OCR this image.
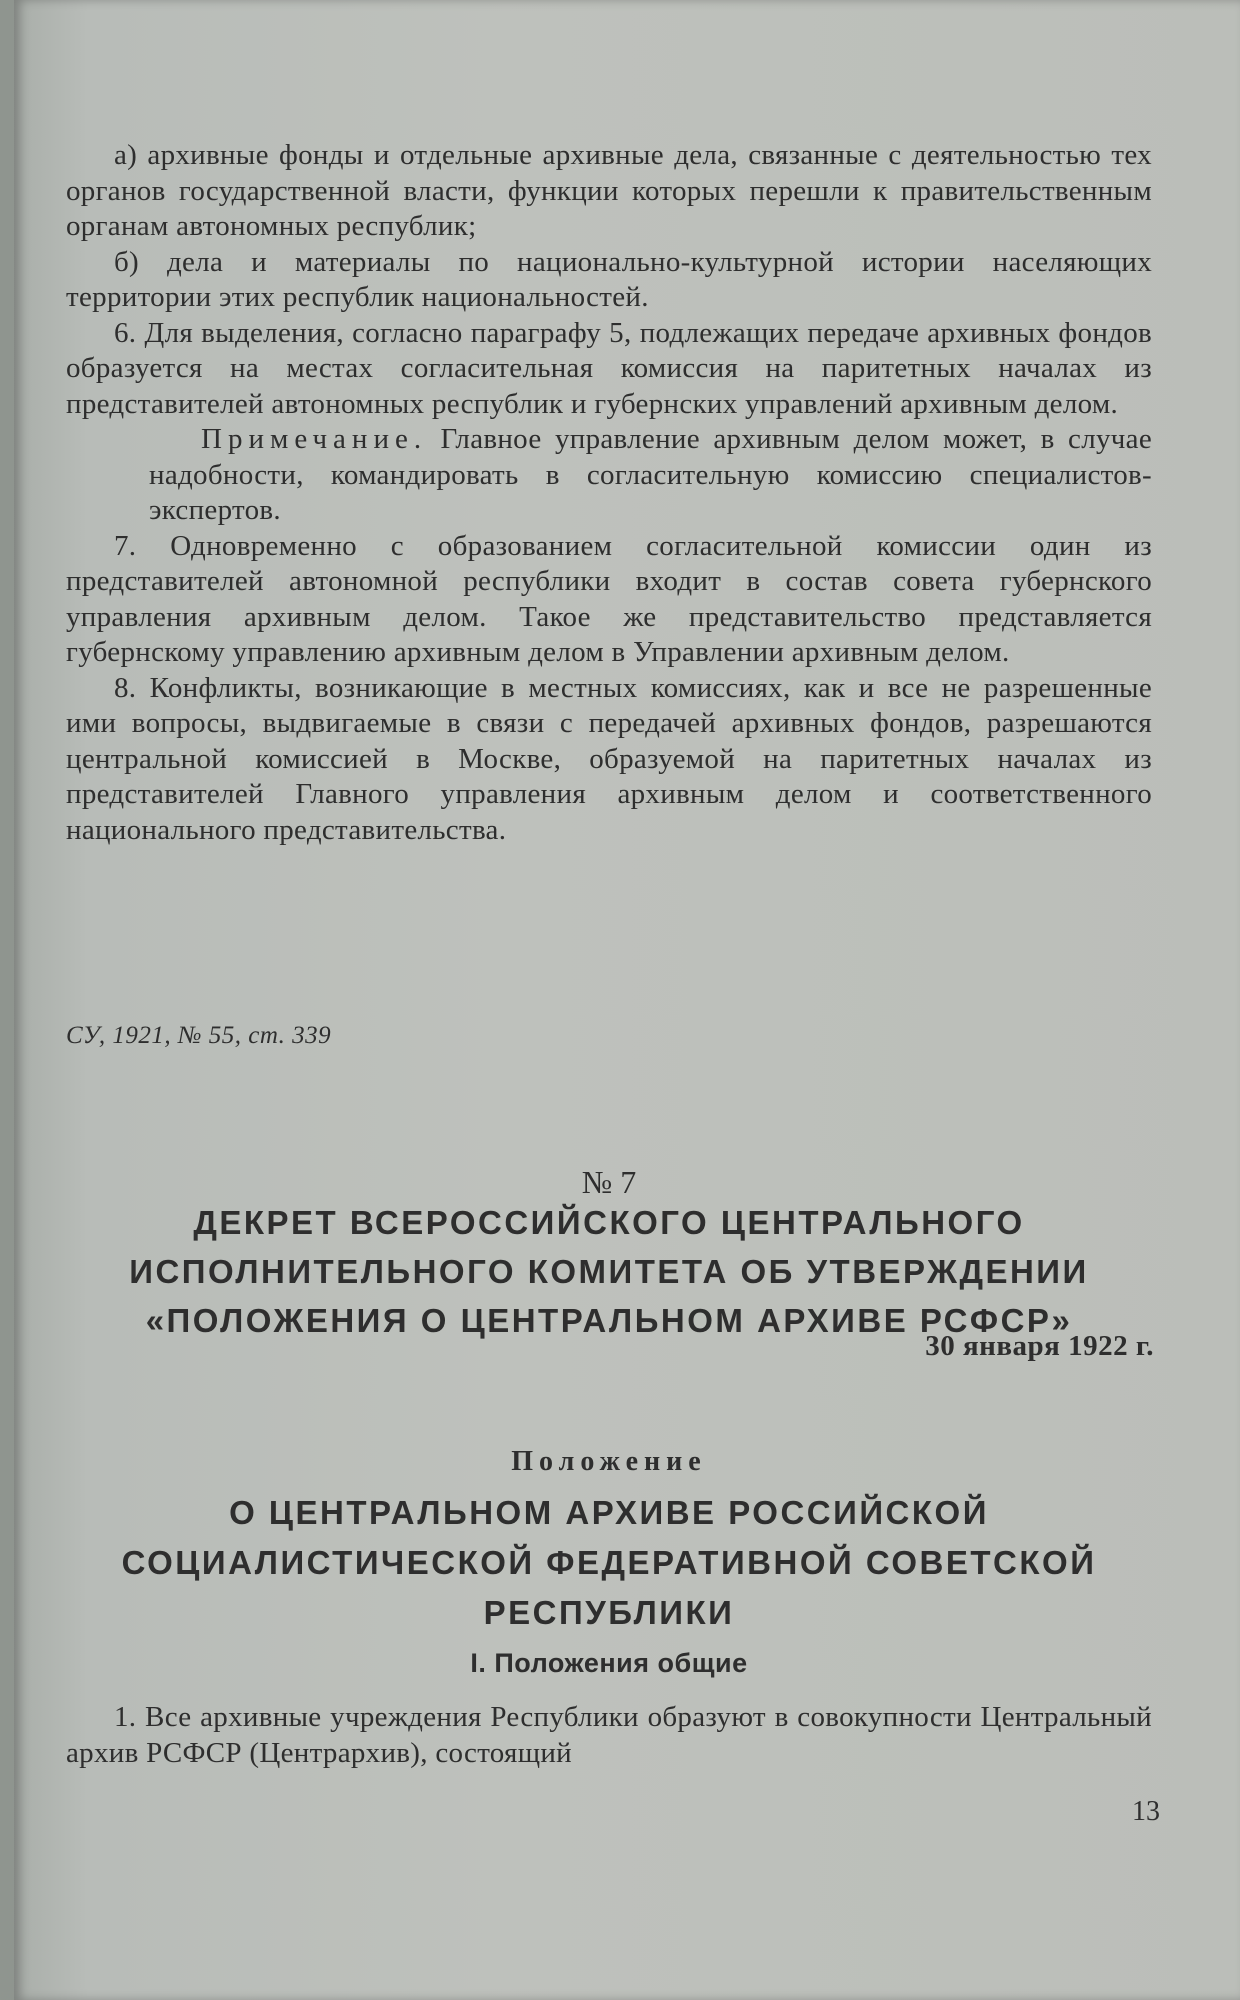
а) архивные фонды и отдельные архивные дела, связанные с деятельностью тех органов государственной власти, функции которых перешли к правительственным органам автономных республик;

б) дела и материалы по национально-культурной истории населяющих территории этих республик национальностей.

6. Для выделения, согласно параграфу 5, подлежащих передаче архивных фондов образуется на местах согласительная комиссия на паритетных началах из представителей автономных республик и губернских управлений архивным делом.

Примечание. Главное управление архивным делом может, в случае надобности, командировать в согласительную комиссию специалистов-экспертов.

7. Одновременно с образованием согласительной комиссии один из представителей автономной республики входит в состав совета губернского управления архивным делом. Такое же представительство представляется губернскому управлению архивным делом в Управлении архивным делом.

8. Конфликты, возникающие в местных комиссиях, как и все не разрешенные ими вопросы, выдвигаемые в связи с передачей архивных фондов, разрешаются центральной комиссией в Москве, образуемой на паритетных началах из представителей Главного управления архивным делом и соответственного национального представительства.

СУ, 1921, № 55, ст. 339
№ 7
ДЕКРЕТ ВСЕРОССИЙСКОГО ЦЕНТРАЛЬНОГО
ИСПОЛНИТЕЛЬНОГО КОМИТЕТА ОБ УТВЕРЖДЕНИИ
«ПОЛОЖЕНИЯ О ЦЕНТРАЛЬНОМ АРХИВЕ РСФСР»
30 января 1922 г.
Положение
О ЦЕНТРАЛЬНОМ АРХИВЕ РОССИЙСКОЙ
СОЦИАЛИСТИЧЕСКОЙ ФЕДЕРАТИВНОЙ СОВЕТСКОЙ
РЕСПУБЛИКИ
I. Положения общие

1. Все архивные учреждения Республики образуют в совокупности Центральный архив РСФСР (Центрархив), состоящий

13
